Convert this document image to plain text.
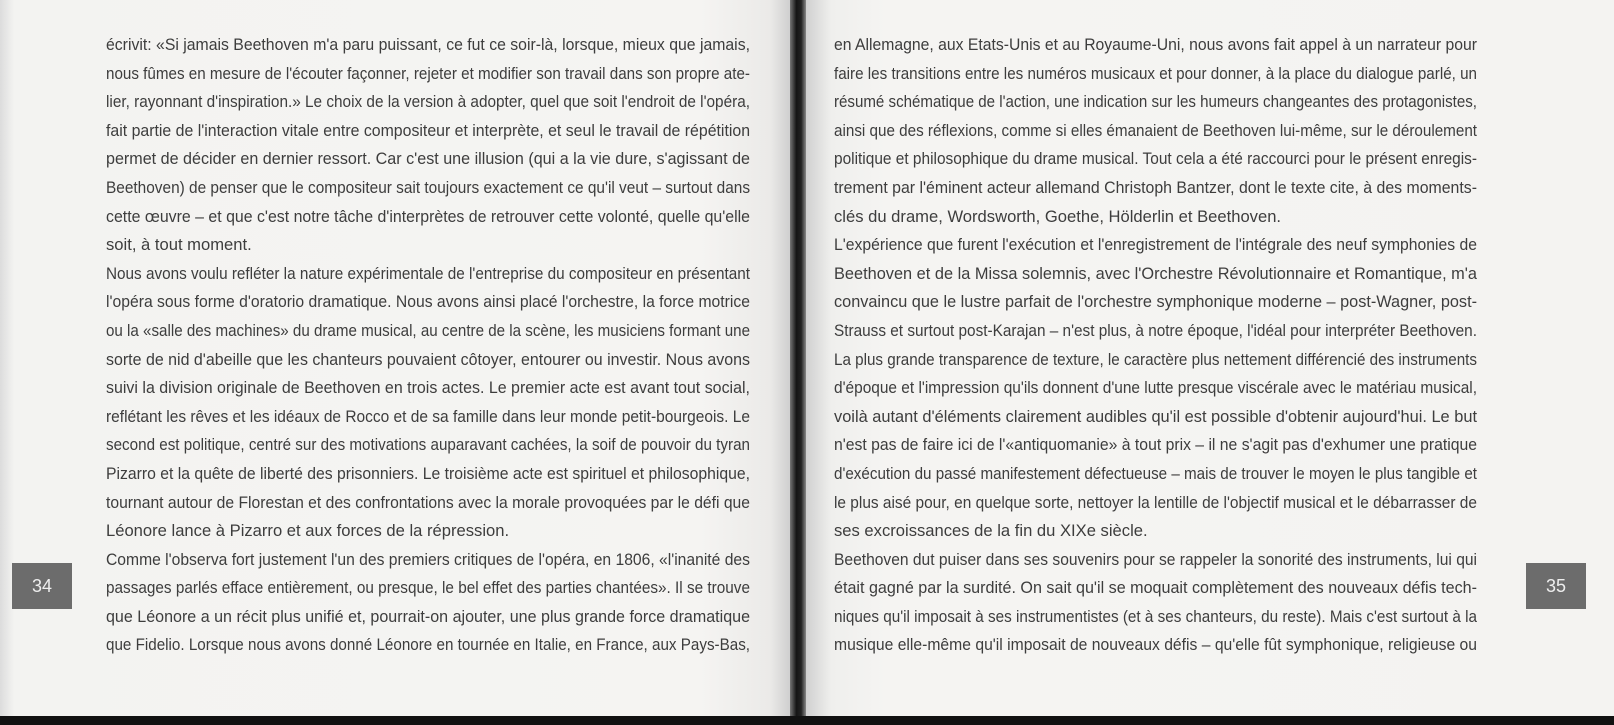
écrivit: «Si jamais Beethoven m'a paru puissant, ce fut ce soir-là, lorsque, mieux que jamais,nous fûmes en mesure de l'écouter façonner, rejeter et modifier son travail dans son propre ate-lier, rayonnant d'inspiration.» Le choix de la version à adopter, quel que soit l'endroit de l'opéra,fait partie de l'interaction vitale entre compositeur et interprète, et seul le travail de répétitionpermet de décider en dernier ressort. Car c'est une illusion (qui a la vie dure, s'agissant deBeethoven) de penser que le compositeur sait toujours exactement ce qu'il veut – surtout danscette œuvre – et que c'est notre tâche d'interprètes de retrouver cette volonté, quelle qu'elle
soit, à tout moment.
Nous avons voulu refléter la nature expérimentale de l'entreprise du compositeur en présentantl'opéra sous forme d'oratorio dramatique. Nous avons ainsi placé l'orchestre, la force motriceou la «salle des machines» du drame musical, au centre de la scène, les musiciens formant unesorte de nid d'abeille que les chanteurs pouvaient côtoyer, entourer ou investir. Nous avonssuivi la division originale de Beethoven en trois actes. Le premier acte est avant tout social,reflétant les rêves et les idéaux de Rocco et de sa famille dans leur monde petit-bourgeois. Lesecond est politique, centré sur des motivations auparavant cachées, la soif de pouvoir du tyranPizarro et la quête de liberté des prisonniers. Le troisième acte est spirituel et philosophique,tournant autour de Florestan et des confrontations avec la morale provoquées par le défi que
Léonore lance à Pizarro et aux forces de la répression.
Comme l'observa fort justement l'un des premiers critiques de l'opéra, en 1806, «l'inanité despassages parlés efface entièrement, ou presque, le bel effet des parties chantées». Il se trouveque Léonore a un récit plus unifié et, pourrait-on ajouter, une plus grande force dramatiqueque Fidelio. Lorsque nous avons donné Léonore en tournée en Italie, en France, aux Pays-Bas,
34
en Allemagne, aux Etats-Unis et au Royaume-Uni, nous avons fait appel à un narrateur pourfaire les transitions entre les numéros musicaux et pour donner, à la place du dialogue parlé, unrésumé schématique de l'action, une indication sur les humeurs changeantes des protagonistes,ainsi que des réflexions, comme si elles émanaient de Beethoven lui-même, sur le déroulementpolitique et philosophique du drame musical. Tout cela a été raccourci pour le présent enregis-trement par l'éminent acteur allemand Christoph Bantzer, dont le texte cite, à des moments-
clés du drame, Wordsworth, Goethe, Hölderlin et Beethoven.
L'expérience que furent l'exécution et l'enregistrement de l'intégrale des neuf symphonies deBeethoven et de la Missa solemnis, avec l'Orchestre Révolutionnaire et Romantique, m'aconvaincu que le lustre parfait de l'orchestre symphonique moderne – post-Wagner, post-Strauss et surtout post-Karajan – n'est plus, à notre époque, l'idéal pour interpréter Beethoven.La plus grande transparence de texture, le caractère plus nettement différencié des instrumentsd'époque et l'impression qu'ils donnent d'une lutte presque viscérale avec le matériau musical,voilà autant d'éléments clairement audibles qu'il est possible d'obtenir aujourd'hui. Le butn'est pas de faire ici de l'«antiquomanie» à tout prix – il ne s'agit pas d'exhumer une pratiqued'exécution du passé manifestement défectueuse – mais de trouver le moyen le plus tangible etle plus aisé pour, en quelque sorte, nettoyer la lentille de l'objectif musical et le débarrasser de
ses excroissances de la fin du XIXe siècle.
Beethoven dut puiser dans ses souvenirs pour se rappeler la sonorité des instruments, lui quiétait gagné par la surdité. On sait qu'il se moquait complètement des nouveaux défis tech-niques qu'il imposait à ses instrumentistes (et à ses chanteurs, du reste). Mais c'est surtout à lamusique elle-même qu'il imposait de nouveaux défis – qu'elle fût symphonique, religieuse ou
35
